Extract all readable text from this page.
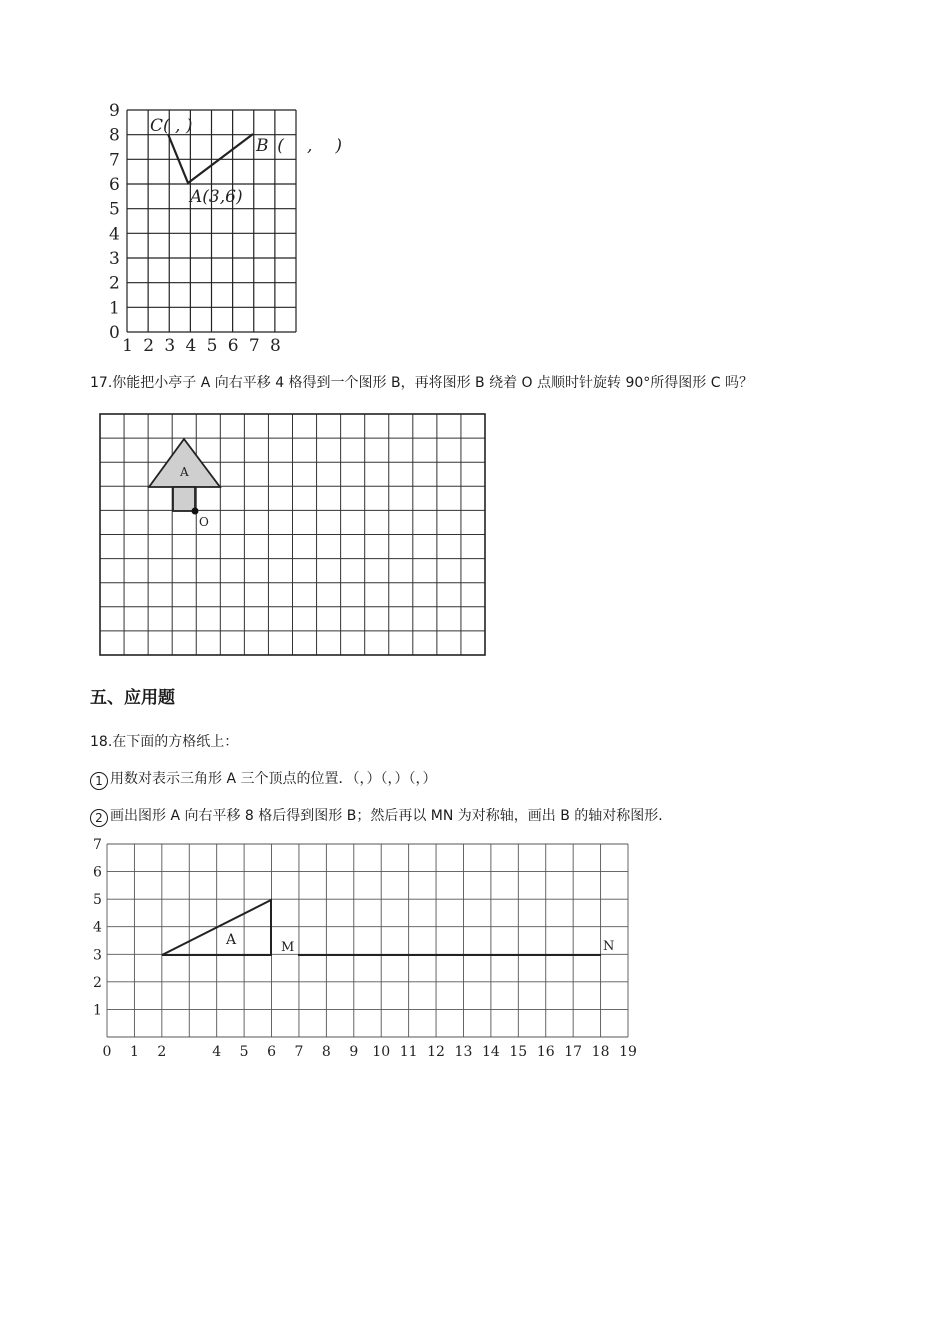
0
1
2
3
4
5
6
7
8
9
1 2 3 4 5 6 7 8
C( , )
B( , )
A(3,6)
17.你能把小亭子 A 向右平移 4 格得到一个图形 B，再将图形 B 绕着 O 点顺时针旋转 90°所得图形 C 吗？
A
O
五、应用题
18.在下面的方格纸上：
1 用数对表示三角形 A 三个顶点的位置．（，）（，）（，）
2 画出图形 A 向右平移 8 格后得到图形 B；然后再以 MN 为对称轴，画出 B 的轴对称图形．
1
2
3
4
5
6
7
0 1 2	4 5 6 7 8 9 10 11 12 13 14 15 16 17 18 19
A	M	N
